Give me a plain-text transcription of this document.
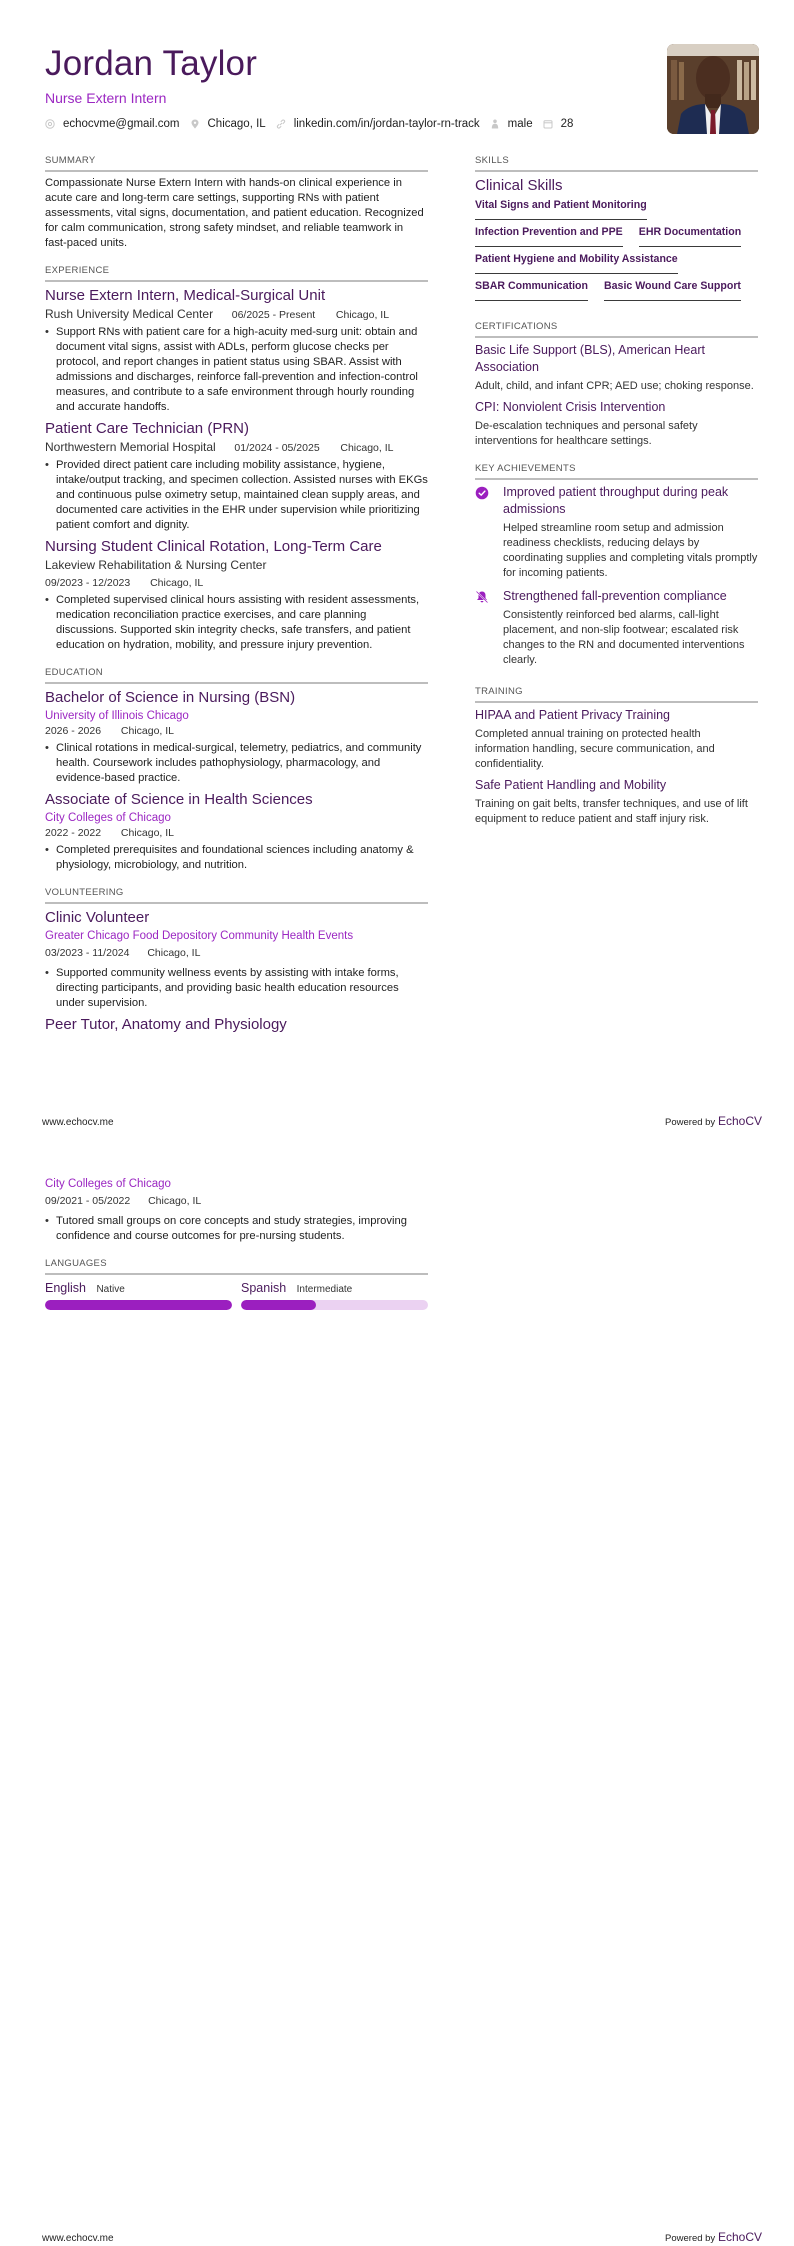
Jordan Taylor
Nurse Extern Intern
echocvme@gmail.com Chicago, IL linkedin.com/in/jordan-taylor-rn-track male 28
SUMMARY
Compassionate Nurse Extern Intern with hands-on clinical experience in acute care and long-term care settings, supporting RNs with patient assessments, vital signs, documentation, and patient education. Recognized for calm communication, strong safety mindset, and reliable teamwork in fast-paced units.
EXPERIENCE
Nurse Extern Intern, Medical-Surgical Unit
Rush University Medical Center 06/2025 - Present Chicago, IL
• Support RNs with patient care for a high-acuity med-surg unit: obtain and document vital signs, assist with ADLs, perform glucose checks per protocol, and report changes in patient status using SBAR. Assist with admissions and discharges, reinforce fall-prevention and infection-control measures, and contribute to a safe environment through hourly rounding and accurate handoffs.
Patient Care Technician (PRN)
Northwestern Memorial Hospital 01/2024 - 05/2025 Chicago, IL
• Provided direct patient care including mobility assistance, hygiene, intake/output tracking, and specimen collection. Assisted nurses with EKGs and continuous pulse oximetry setup, maintained clean supply areas, and documented care activities in the EHR under supervision while prioritizing patient comfort and dignity.
Nursing Student Clinical Rotation, Long-Term Care
Lakeview Rehabilitation & Nursing Center
09/2023 - 12/2023 Chicago, IL
• Completed supervised clinical hours assisting with resident assessments, medication reconciliation practice exercises, and care planning discussions. Supported skin integrity checks, safe transfers, and patient education on hydration, mobility, and pressure injury prevention.
EDUCATION
Bachelor of Science in Nursing (BSN)
University of Illinois Chicago
2026 - 2026 Chicago, IL
• Clinical rotations in medical-surgical, telemetry, pediatrics, and community health. Coursework includes pathophysiology, pharmacology, and evidence-based practice.
Associate of Science in Health Sciences
City Colleges of Chicago
2022 - 2022 Chicago, IL
• Completed prerequisites and foundational sciences including anatomy & physiology, microbiology, and nutrition.
VOLUNTEERING
Clinic Volunteer
Greater Chicago Food Depository Community Health Events
03/2023 - 11/2024 Chicago, IL
• Supported community wellness events by assisting with intake forms, directing participants, and providing basic health education resources under supervision.
Peer Tutor, Anatomy and Physiology
SKILLS
Clinical Skills
Vital Signs and Patient Monitoring
Infection Prevention and PPE EHR Documentation
Patient Hygiene and Mobility Assistance
SBAR Communication Basic Wound Care Support
CERTIFICATIONS
Basic Life Support (BLS), American Heart Association
Adult, child, and infant CPR; AED use; choking response.
CPI: Nonviolent Crisis Intervention
De-escalation techniques and personal safety interventions for healthcare settings.
KEY ACHIEVEMENTS
Improved patient throughput during peak admissions
Helped streamline room setup and admission readiness checklists, reducing delays by coordinating supplies and completing vitals promptly for incoming patients.
Strengthened fall-prevention compliance
Consistently reinforced bed alarms, call-light placement, and non-slip footwear; escalated risk changes to the RN and documented interventions clearly.
TRAINING
HIPAA and Patient Privacy Training
Completed annual training on protected health information handling, secure communication, and confidentiality.
Safe Patient Handling and Mobility
Training on gait belts, transfer techniques, and use of lift equipment to reduce patient and staff injury risk.
www.echocv.me	Powered by EchoCV
City Colleges of Chicago
09/2021 - 05/2022 Chicago, IL
• Tutored small groups on core concepts and study strategies, improving confidence and course outcomes for pre-nursing students.
LANGUAGES
English Native	Spanish Intermediate
www.echocv.me	Powered by EchoCV
